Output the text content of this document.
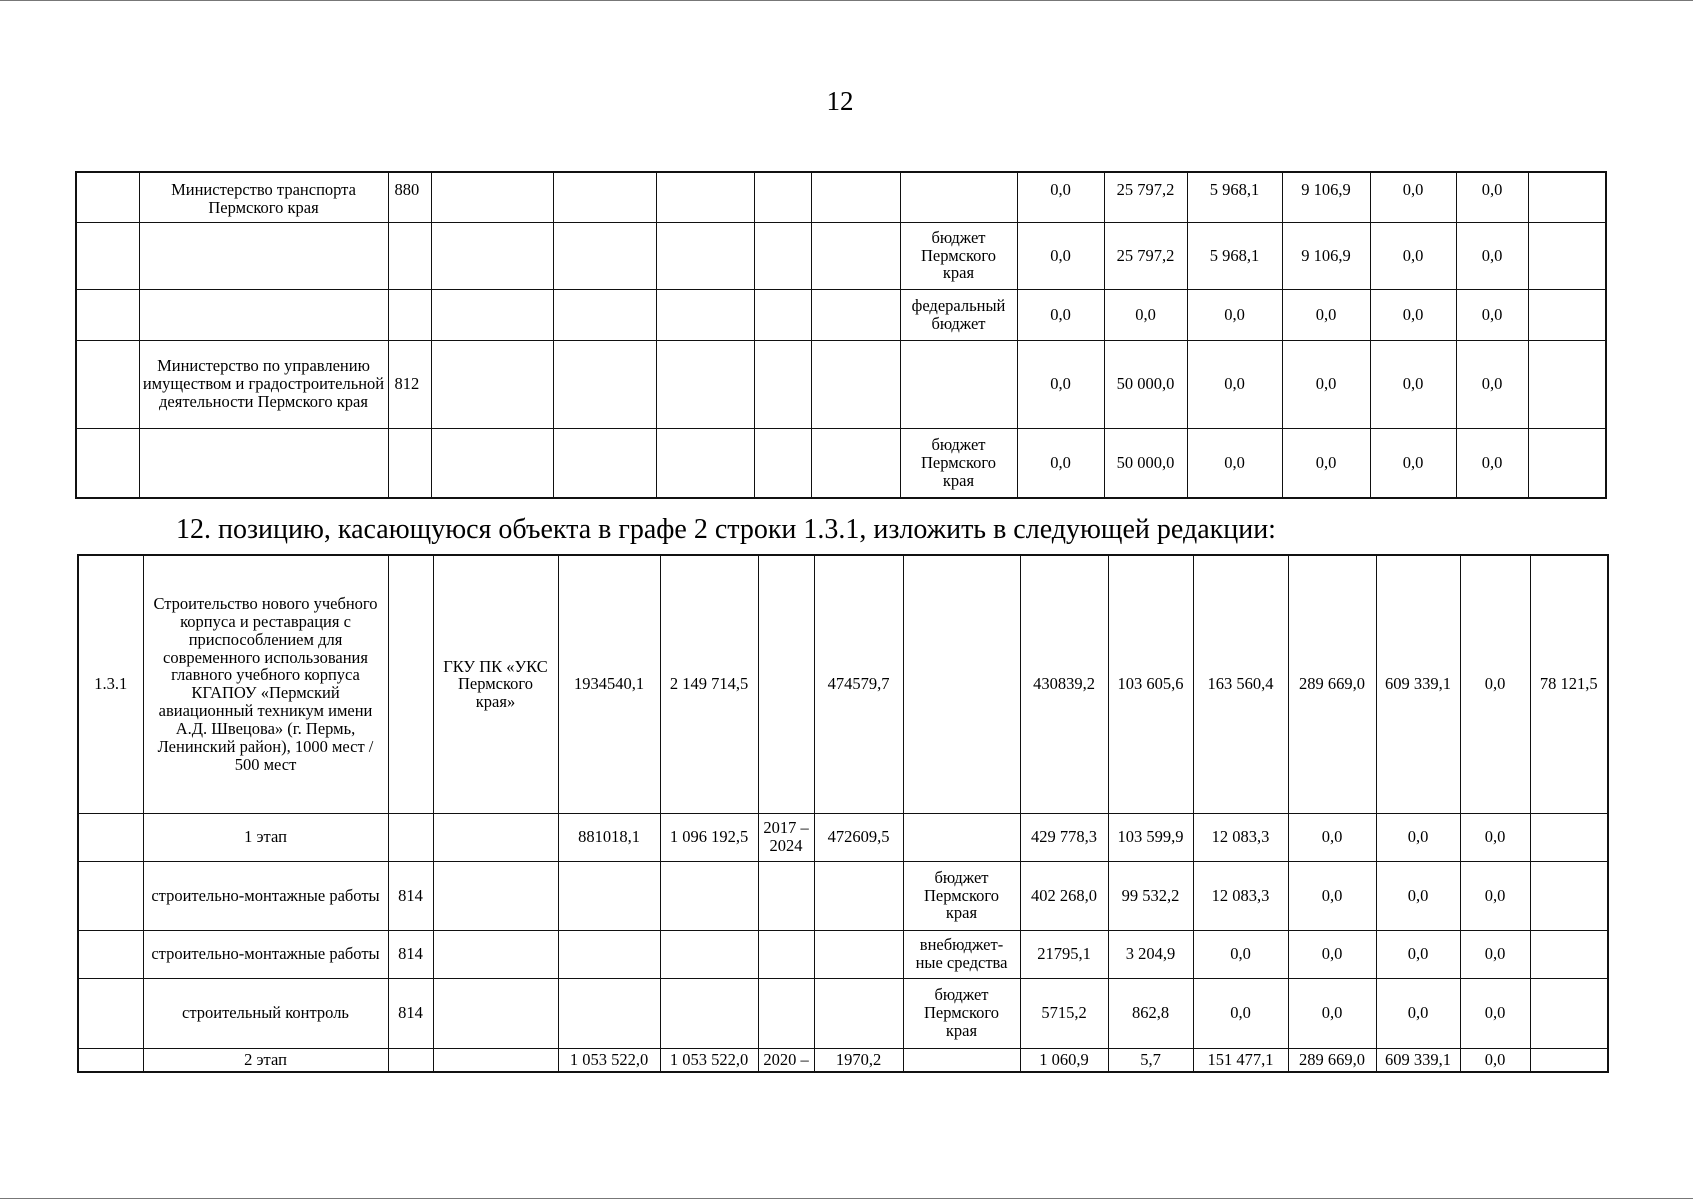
12
	Министерство транспорта Пермского края	880							0,0	25 797,2	5 968,1	9 106,9	0,0	0,0	
								бюджет Пермского края	0,0	25 797,2	5 968,1	9 106,9	0,0	0,0	
								федеральный бюджет	0,0	0,0	0,0	0,0	0,0	0,0	
	Министерство по управлению имуществом и градостроительной деятельности Пермского края	812							0,0	50 000,0	0,0	0,0	0,0	0,0	
								бюджет Пермского края	0,0	50 000,0	0,0	0,0	0,0	0,0	
12. позицию, касающуюся объекта в графе 2 строки 1.3.1, изложить в следующей редакции:
1.3.1	Строительство нового учебного корпуса и реставрация с приспособлением для современного использования главного учебного корпуса КГАПОУ «Пермский авиационный техникум имени А.Д. Швецова» (г. Пермь, Ленинский район), 1000 мест / 500 мест		ГКУ ПК «УКС Пермского края»	1934540,1	2 149 714,5		474579,7		430839,2	103 605,6	163 560,4	289 669,0	609 339,1	0,0	78 121,5
	1 этап			881018,1	1 096 192,5	2017 – 2024	472609,5		429 778,3	103 599,9	12 083,3	0,0	0,0	0,0	
	строительно-монтажные работы	814						бюджет Пермского края	402 268,0	99 532,2	12 083,3	0,0	0,0	0,0	
	строительно-монтажные работы	814						внебюджет-ные средства	21795,1	3 204,9	0,0	0,0	0,0	0,0	
	строительный контроль	814						бюджет Пермского края	5715,2	862,8	0,0	0,0	0,0	0,0	
	2 этап			1 053 522,0	1 053 522,0	2020 –	1970,2		1 060,9	5,7	151 477,1	289 669,0	609 339,1	0,0	
